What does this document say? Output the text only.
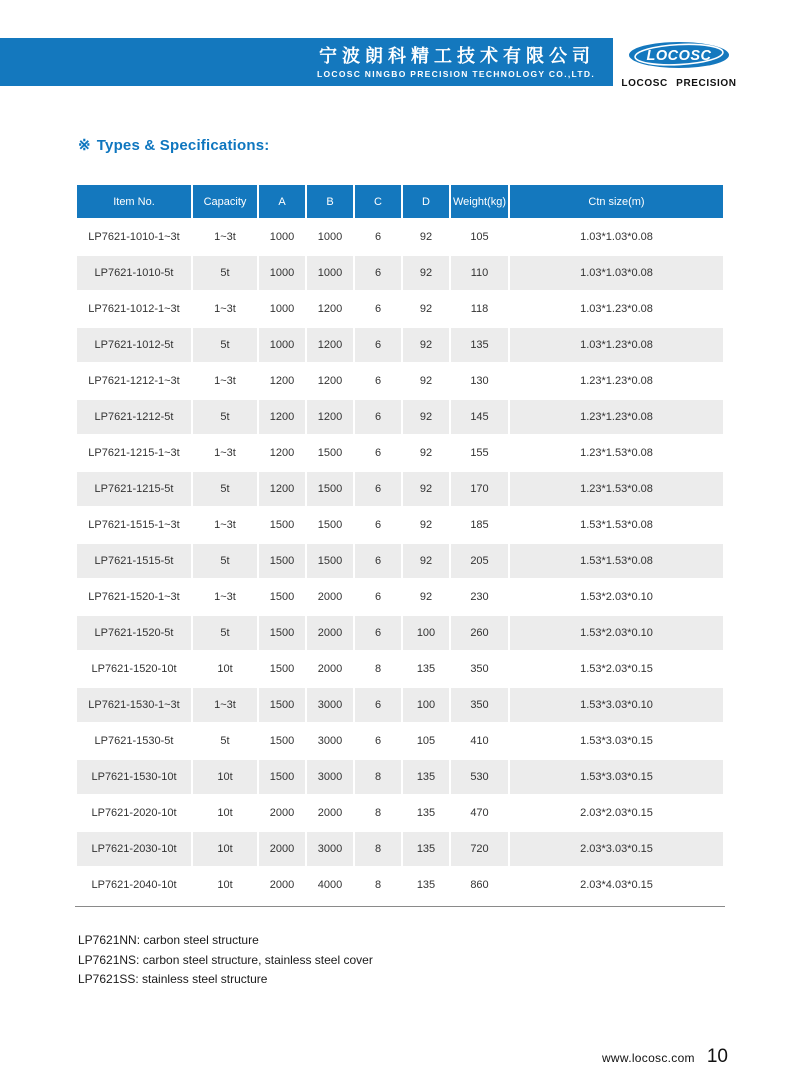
宁波朗科精工技术有限公司
LOCOSC NINGBO PRECISION TECHNOLOGY CO.,LTD.
LOCOSC
LOCOSC PRECISION
※ Types & Specifications:
Item No.	Capacity	A	B	C	D	Weight(kg)	Ctn size(m)
LP7621-1010-1~3t	1~3t	1000	1000	6	92	105	1.03*1.03*0.08
LP7621-1010-5t	5t	1000	1000	6	92	110	1.03*1.03*0.08
LP7621-1012-1~3t	1~3t	1000	1200	6	92	118	1.03*1.23*0.08
LP7621-1012-5t	5t	1000	1200	6	92	135	1.03*1.23*0.08
LP7621-1212-1~3t	1~3t	1200	1200	6	92	130	1.23*1.23*0.08
LP7621-1212-5t	5t	1200	1200	6	92	145	1.23*1.23*0.08
LP7621-1215-1~3t	1~3t	1200	1500	6	92	155	1.23*1.53*0.08
LP7621-1215-5t	5t	1200	1500	6	92	170	1.23*1.53*0.08
LP7621-1515-1~3t	1~3t	1500	1500	6	92	185	1.53*1.53*0.08
LP7621-1515-5t	5t	1500	1500	6	92	205	1.53*1.53*0.08
LP7621-1520-1~3t	1~3t	1500	2000	6	92	230	1.53*2.03*0.10
LP7621-1520-5t	5t	1500	2000	6	100	260	1.53*2.03*0.10
LP7621-1520-10t	10t	1500	2000	8	135	350	1.53*2.03*0.15
LP7621-1530-1~3t	1~3t	1500	3000	6	100	350	1.53*3.03*0.10
LP7621-1530-5t	5t	1500	3000	6	105	410	1.53*3.03*0.15
LP7621-1530-10t	10t	1500	3000	8	135	530	1.53*3.03*0.15
LP7621-2020-10t	10t	2000	2000	8	135	470	2.03*2.03*0.15
LP7621-2030-10t	10t	2000	3000	8	135	720	2.03*3.03*0.15
LP7621-2040-10t	10t	2000	4000	8	135	860	2.03*4.03*0.15
LP7621NN: carbon steel structure
LP7621NS: carbon steel structure, stainless steel cover
LP7621SS: stainless steel structure
www.locosc.com 10
